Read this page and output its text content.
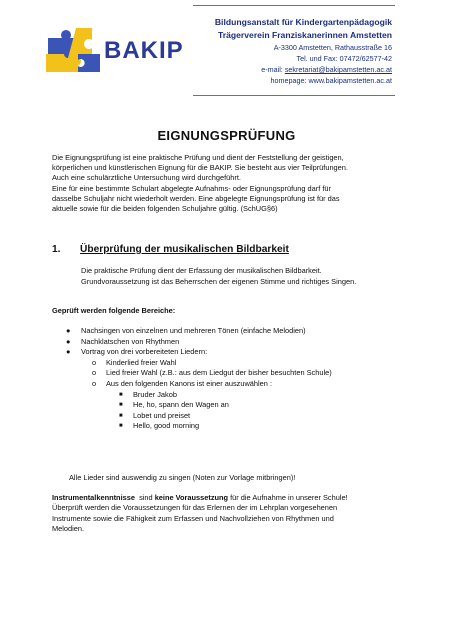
BAKIP
Bildungsanstalt für Kindergartenpädagogik
Trägerverein Franziskanerinnen Amstetten
A-3300 Amstetten, Rathausstraße 16
Tel. und Fax: 07472/62577-42
e-mail: sekretariat@bakipamstetten.ac.at
homepage: www.bakipamstetten.ac.at
EIGNUNGSPRÜFUNG

Die Eignungsprüfung ist eine praktische Prüfung und dient der Feststellung der geistigen,

körperlichen und künstlerischen Eignung für die BAKIP. Sie besteht aus vier Teilprüfungen.

Auch eine schulärztliche Untersuchung wird durchgeführt.

Eine für eine bestimmte Schulart abgelegte Aufnahms- oder Eignungsprüfung darf für

dasselbe Schuljahr nicht wiederholt werden. Eine abgelegte Eignungsprüfung ist für das

aktuelle sowie für die beiden folgenden Schuljahre gültig. (SchUG§6)

1. Überprüfung der musikalischen Bildbarkeit

Die praktische Prüfung dient der Erfassung der musikalischen Bildbarkeit.

Grundvoraussetzung ist das Beherrschen der eigenen Stimme und richtiges Singen.

Geprüft werden folgende Bereiche:
● Nachsingen von einzelnen und mehreren Tönen (einfache Melodien)
● Nachklatschen von Rhythmen
● Vortrag von drei vorbereiteten Liedern:
o Kinderlied freier Wahl
o Lied freier Wahl (z.B.: aus dem Liedgut der bisher besuchten Schule)
o Aus den folgenden Kanons ist einer auszuwählen :
■ Bruder Jakob
■ He, ho, spann den Wagen an
■ Lobet und preiset
■ Hello, good morning
Alle Lieder sind auswendig zu singen (Noten zur Vorlage mitbringen)!

Instrumentalkenntnisse  sind keine Voraussetzung für die Aufnahme in unserer Schule!

Überprüft werden die Voraussetzungen für das Erlernen der im Lehrplan vorgesehenen

Instrumente sowie die Fähigkeit zum Erfassen und Nachvollziehen von Rhythmen und

Melodien.
